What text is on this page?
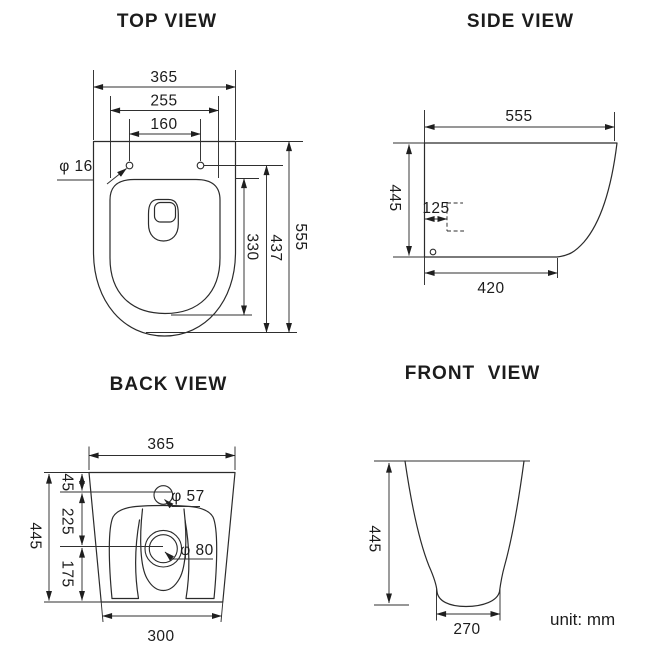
TOP VIEW
365
255
160
φ 16
330 437 555
SIDE VIEW
555
445 125
420
BACK VIEW
365
445
45
225
175
φ 57
φ 80
300
FRONT  VIEW
445
270
unit: mm
